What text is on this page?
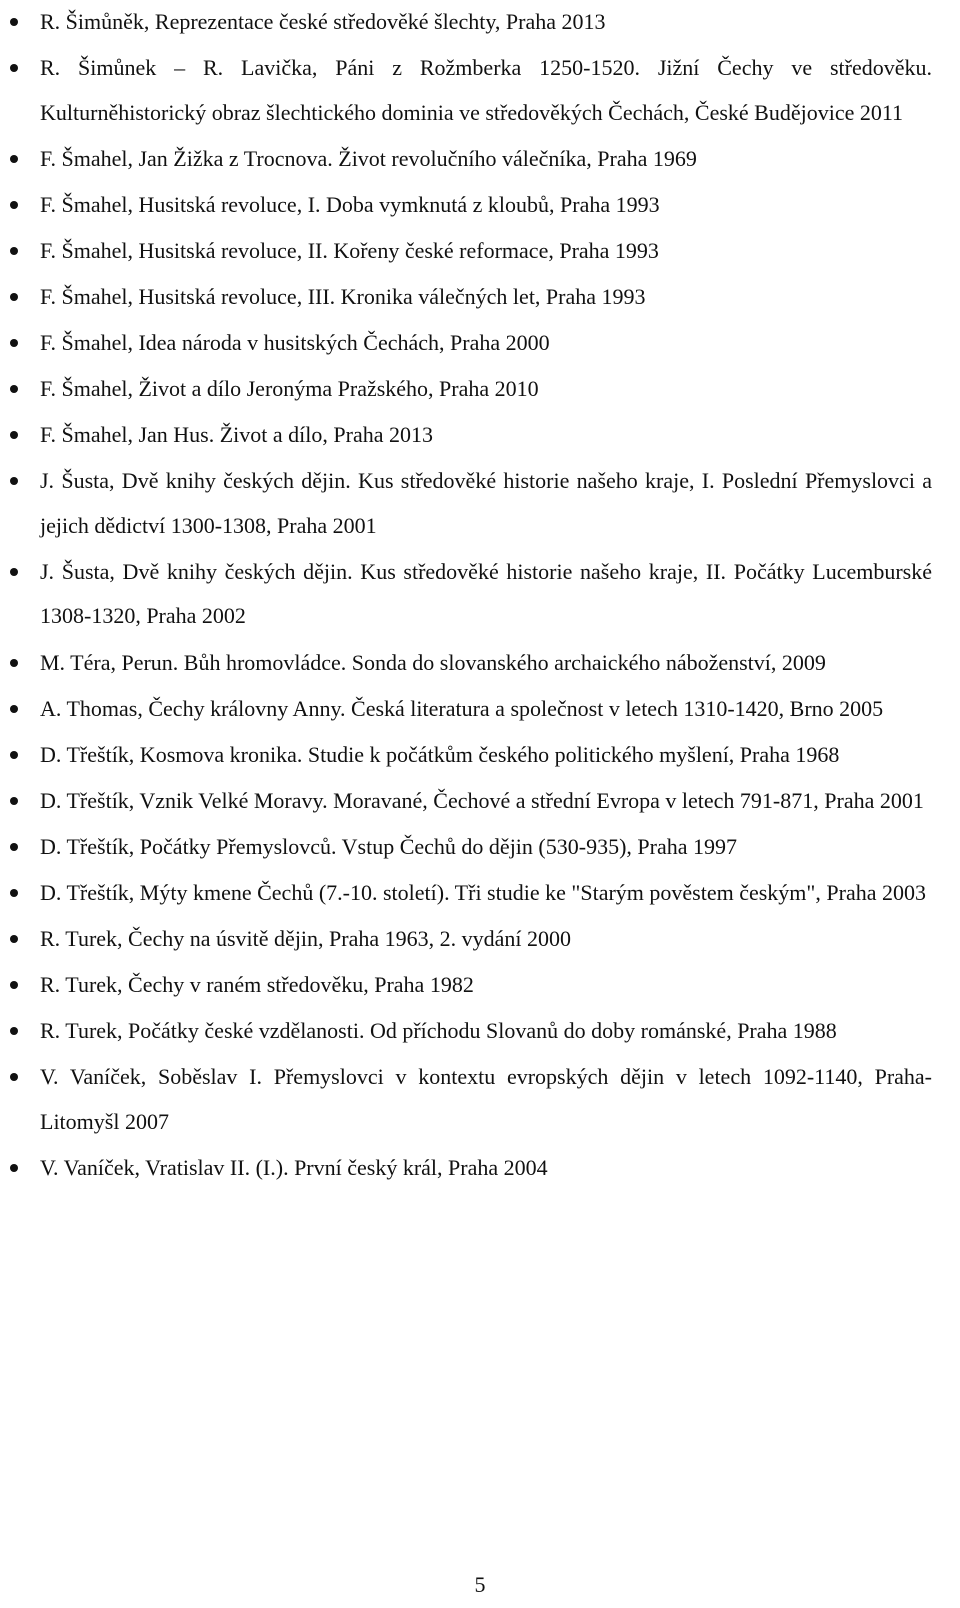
R. Šimůněk, Reprezentace české středověké šlechty, Praha 2013
R. Šimůnek – R. Lavička, Páni z Rožmberka 1250-1520. Jižní Čechy ve středověku. Kulturněhistorický obraz šlechtického dominia ve středověkých Čechách, České Budějovice 2011
F. Šmahel, Jan Žižka z Trocnova. Život revolučního válečníka, Praha 1969
F. Šmahel, Husitská revoluce, I. Doba vymknutá z kloubů, Praha 1993
F. Šmahel, Husitská revoluce, II. Kořeny české reformace, Praha 1993
F. Šmahel, Husitská revoluce, III. Kronika válečných let, Praha 1993
F. Šmahel, Idea národa v husitských Čechách, Praha 2000
F. Šmahel, Život a dílo Jeronýma Pražského, Praha 2010
F. Šmahel, Jan Hus. Život a dílo, Praha 2013
J. Šusta, Dvě knihy českých dějin. Kus středověké historie našeho kraje, I. Poslední Přemyslovci a jejich dědictví 1300-1308, Praha 2001
J. Šusta, Dvě knihy českých dějin. Kus středověké historie našeho kraje, II. Počátky Lucemburské 1308-1320, Praha 2002
M. Téra, Perun. Bůh hromovládce. Sonda do slovanského archaického náboženství, 2009
A. Thomas, Čechy královny Anny. Česká literatura a společnost v letech 1310-1420, Brno 2005
D. Třeštík, Kosmova kronika. Studie k počátkům českého politického myšlení, Praha 1968
D. Třeštík, Vznik Velké Moravy. Moravané, Čechové a střední Evropa v letech 791-871, Praha 2001
D. Třeštík, Počátky Přemyslovců. Vstup Čechů do dějin (530-935), Praha 1997
D. Třeštík, Mýty kmene Čechů (7.-10. století). Tři studie ke "Starým pověstem českým", Praha 2003
R. Turek, Čechy na úsvitě dějin, Praha 1963, 2. vydání 2000
R. Turek, Čechy v raném středověku, Praha 1982
R. Turek, Počátky české vzdělanosti. Od příchodu Slovanů do doby románské, Praha 1988
V. Vaníček, Soběslav I. Přemyslovci v kontextu evropských dějin v letech 1092-1140, Praha-Litomyšl 2007
V. Vaníček, Vratislav II. (I.). První český král, Praha 2004
5
